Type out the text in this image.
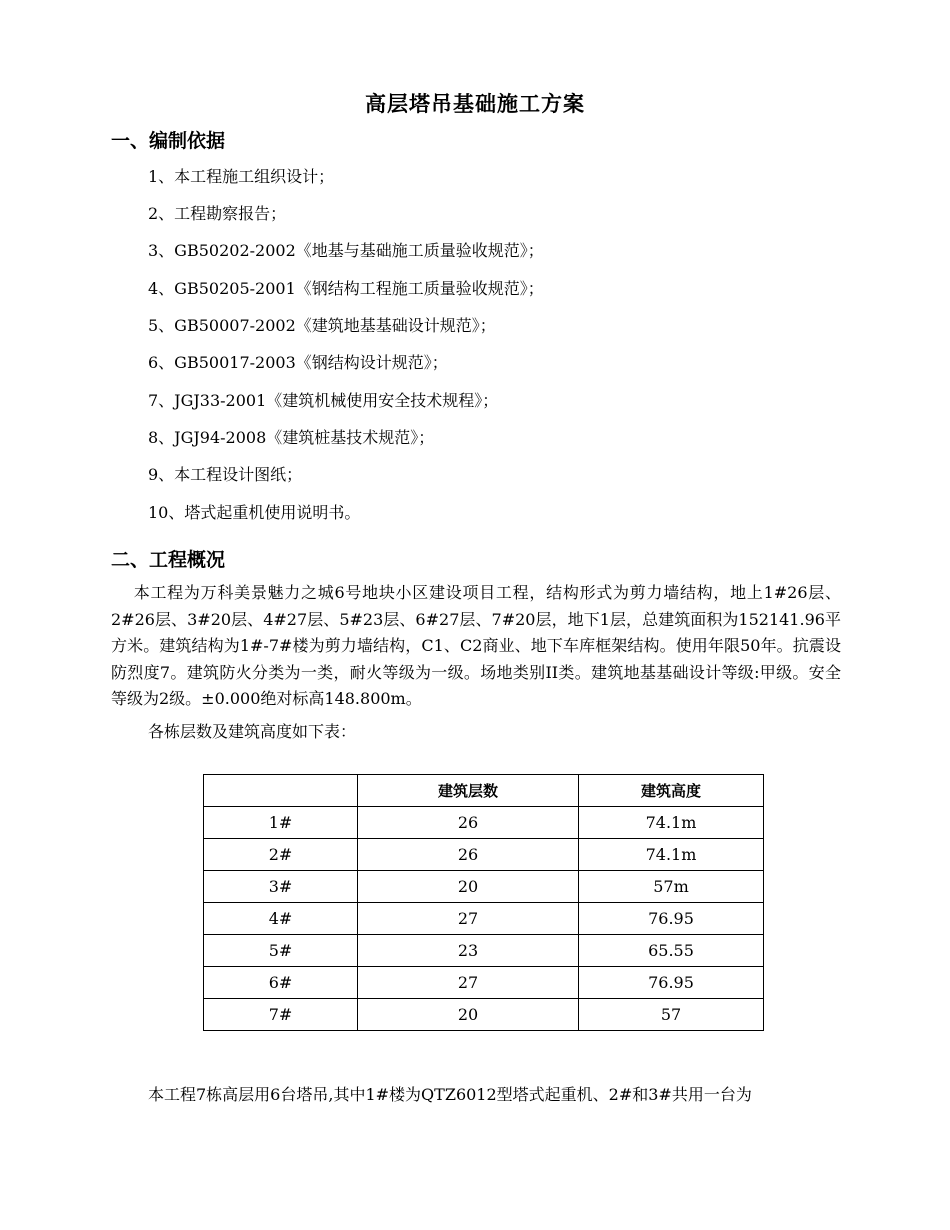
高层塔吊基础施工方案
一、编制依据
1、本工程施工组织设计；
2、工程勘察报告；
3、GB50202-2002《地基与基础施工质量验收规范》；
4、GB50205-2001《钢结构工程施工质量验收规范》；
5、GB50007-2002《建筑地基基础设计规范》；
6、GB50017-2003《钢结构设计规范》；
7、JGJ33-2001《建筑机械使用安全技术规程》；
8、JGJ94-2008《建筑桩基技术规范》；
9、本工程设计图纸；
10、塔式起重机使用说明书。
二、工程概况
本工程为万科美景魅力之城6号地块小区建设项目工程，结构形式为剪力墙结构，地上1#26层、2#26层、3#20层、4#27层、5#23层、6#27层、7#20层，地下1层，总建筑面积为152141.96平方米。建筑结构为1#-7#楼为剪力墙结构，C1、C2商业、地下车库框架结构。使用年限50年。抗震设防烈度7。建筑防火分类为一类，耐火等级为一级。场地类别II类。建筑地基基础设计等级:甲级。安全等级为2级。±0.000绝对标高148.800m。
各栋层数及建筑高度如下表：
	建筑层数	建筑高度
1#	26	74.1m
2#	26	74.1m
3#	20	57m
4#	27	76.95
5#	23	65.55
6#	27	76.95
7#	20	57
本工程7栋高层用6台塔吊,其中1#楼为QTZ6012型塔式起重机、2#和3#共用一台为
